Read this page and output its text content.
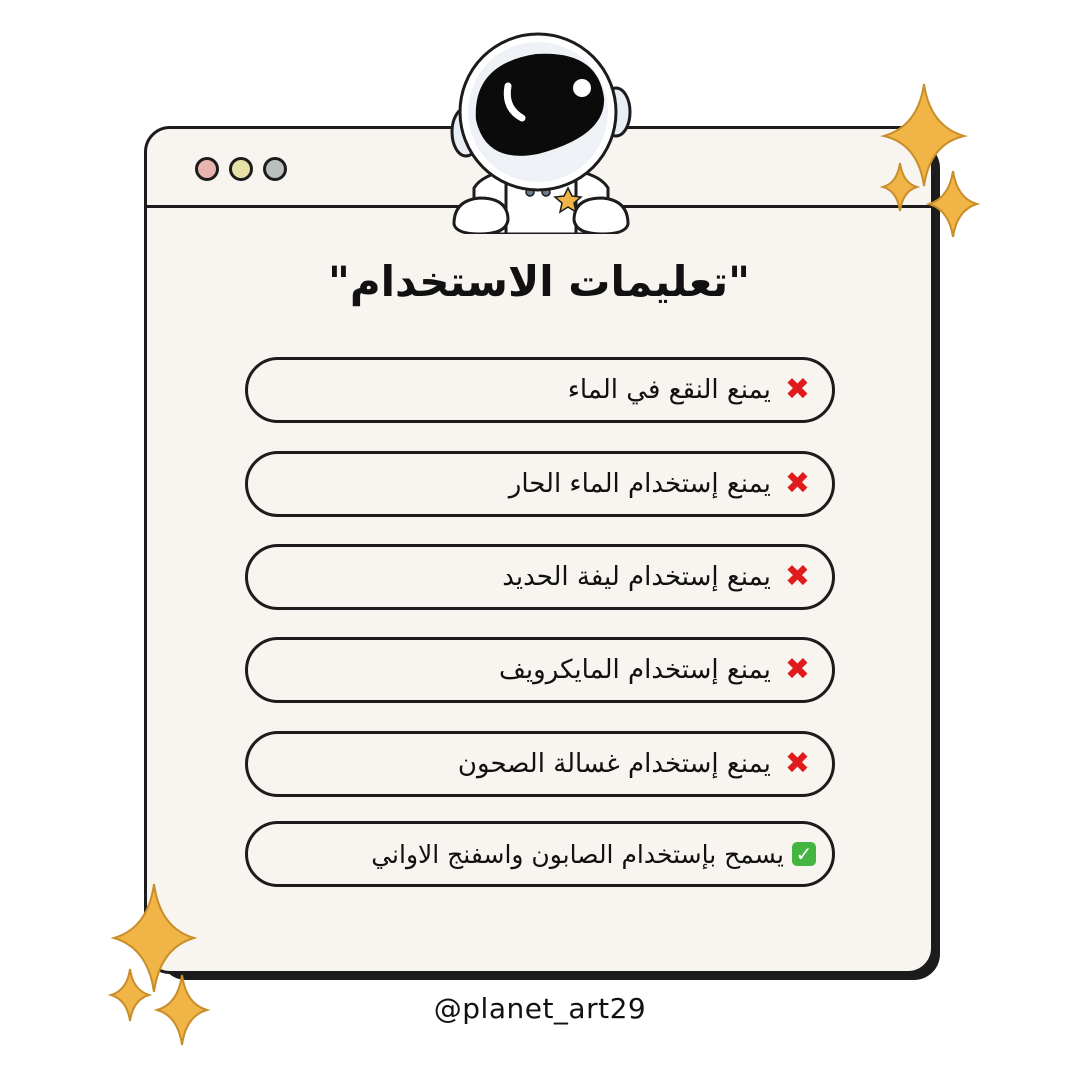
"تعليمات الاستخدام"
✖
يمنع النقع في الماء
✖
يمنع إستخدام الماء الحار
✖
يمنع إستخدام ليفة الحديد
✖
يمنع إستخدام المايكرويف
✖
يمنع إستخدام غسالة الصحون
✓
يسمح بإستخدام الصابون واسفنج الاواني
@planet_art29
